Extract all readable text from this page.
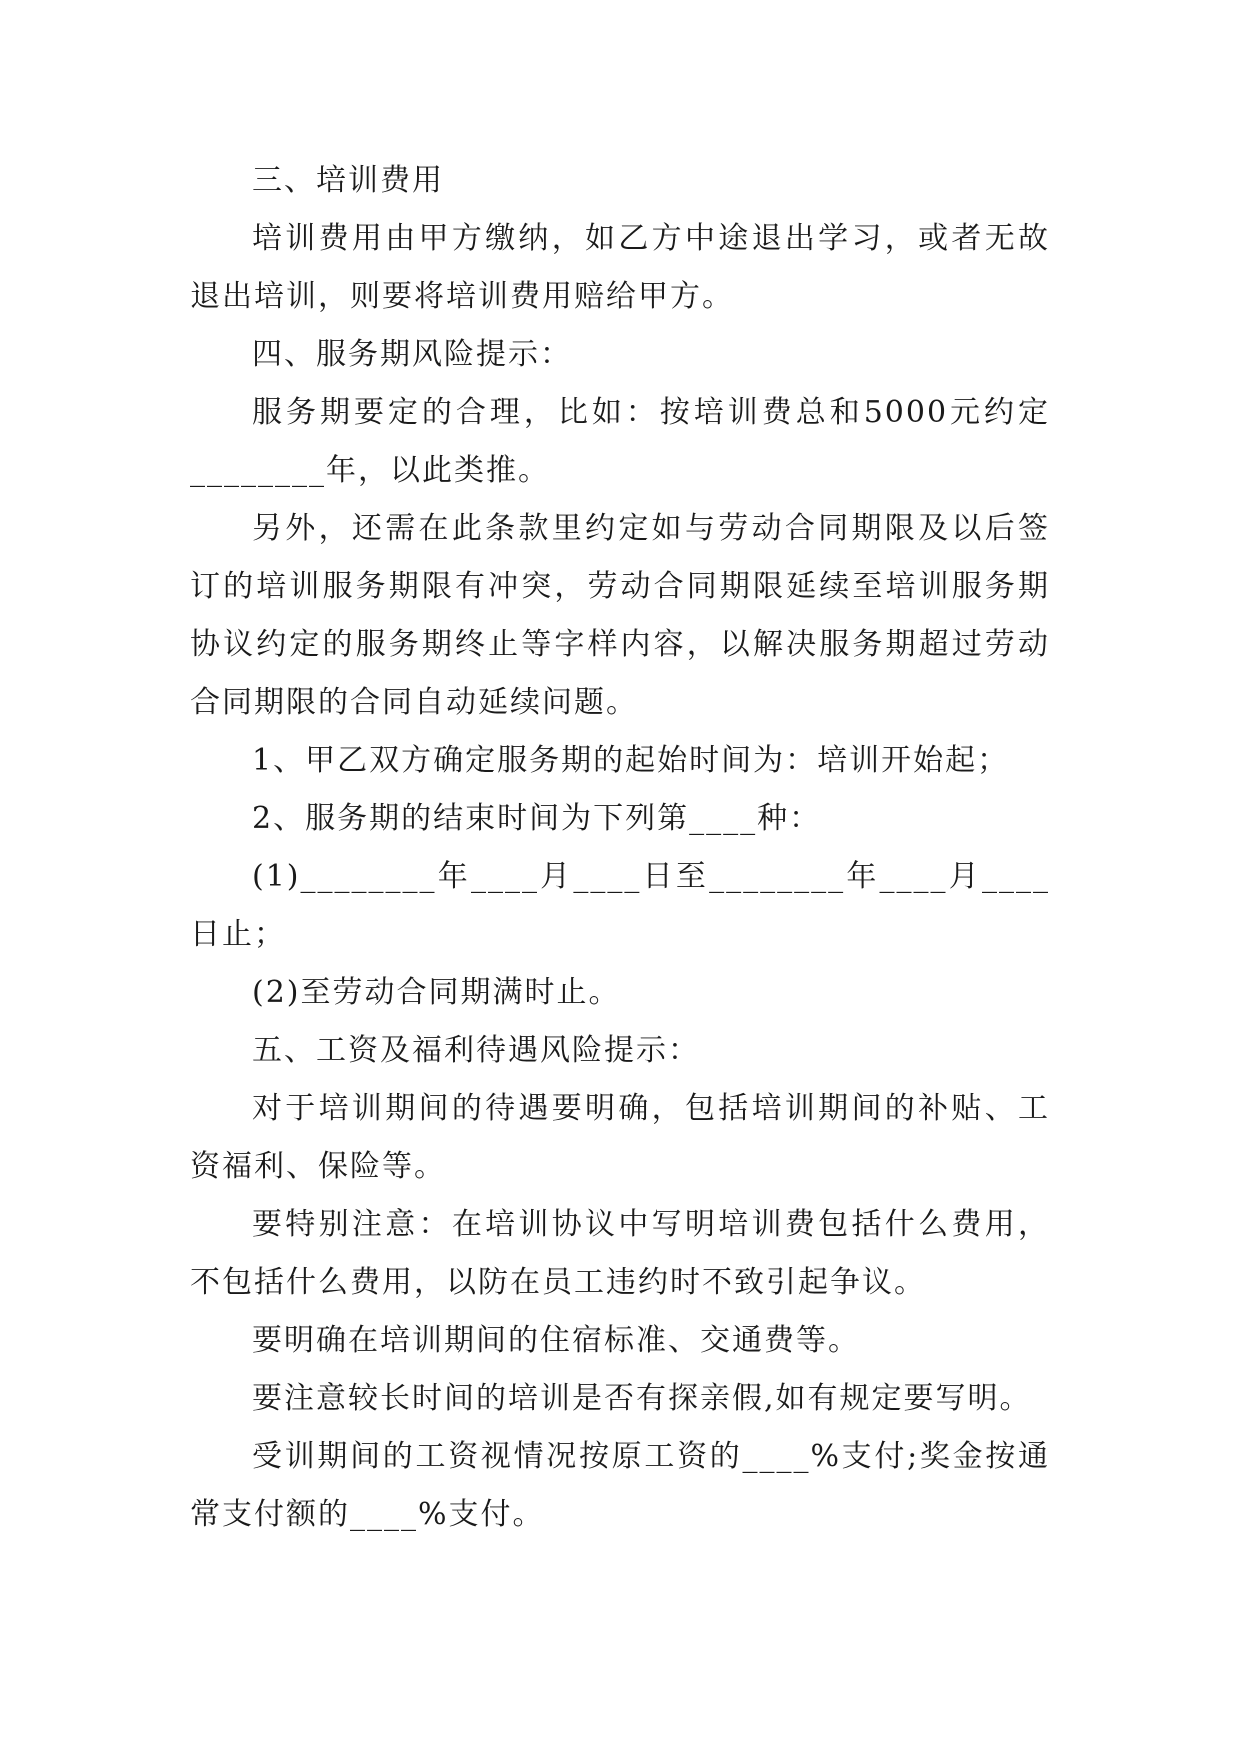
三、培训费用

培训费用由甲方缴纳，如乙方中途退出学习，或者无故退出培训，则要将培训费用赔给甲方。

四、服务期风险提示：

服务期要定的合理，比如：按培训费总和5000元约定________年，以此类推。

另外，还需在此条款里约定如与劳动合同期限及以后签订的培训服务期限有冲突，劳动合同期限延续至培训服务期协议约定的服务期终止等字样内容，以解决服务期超过劳动合同期限的合同自动延续问题。

1、甲乙双方确定服务期的起始时间为：培训开始起；

2、服务期的结束时间为下列第____种：

(1)________年____月____日至________年____月____日止；

(2)至劳动合同期满时止。

五、工资及福利待遇风险提示：

对于培训期间的待遇要明确，包括培训期间的补贴、工资福利、保险等。

要特别注意：在培训协议中写明培训费包括什么费用，不包括什么费用，以防在员工违约时不致引起争议。

要明确在培训期间的住宿标准、交通费等。

要注意较长时间的培训是否有探亲假,如有规定要写明。

受训期间的工资视情况按原工资的____%支付;奖金按通常支付额的____%支付。
